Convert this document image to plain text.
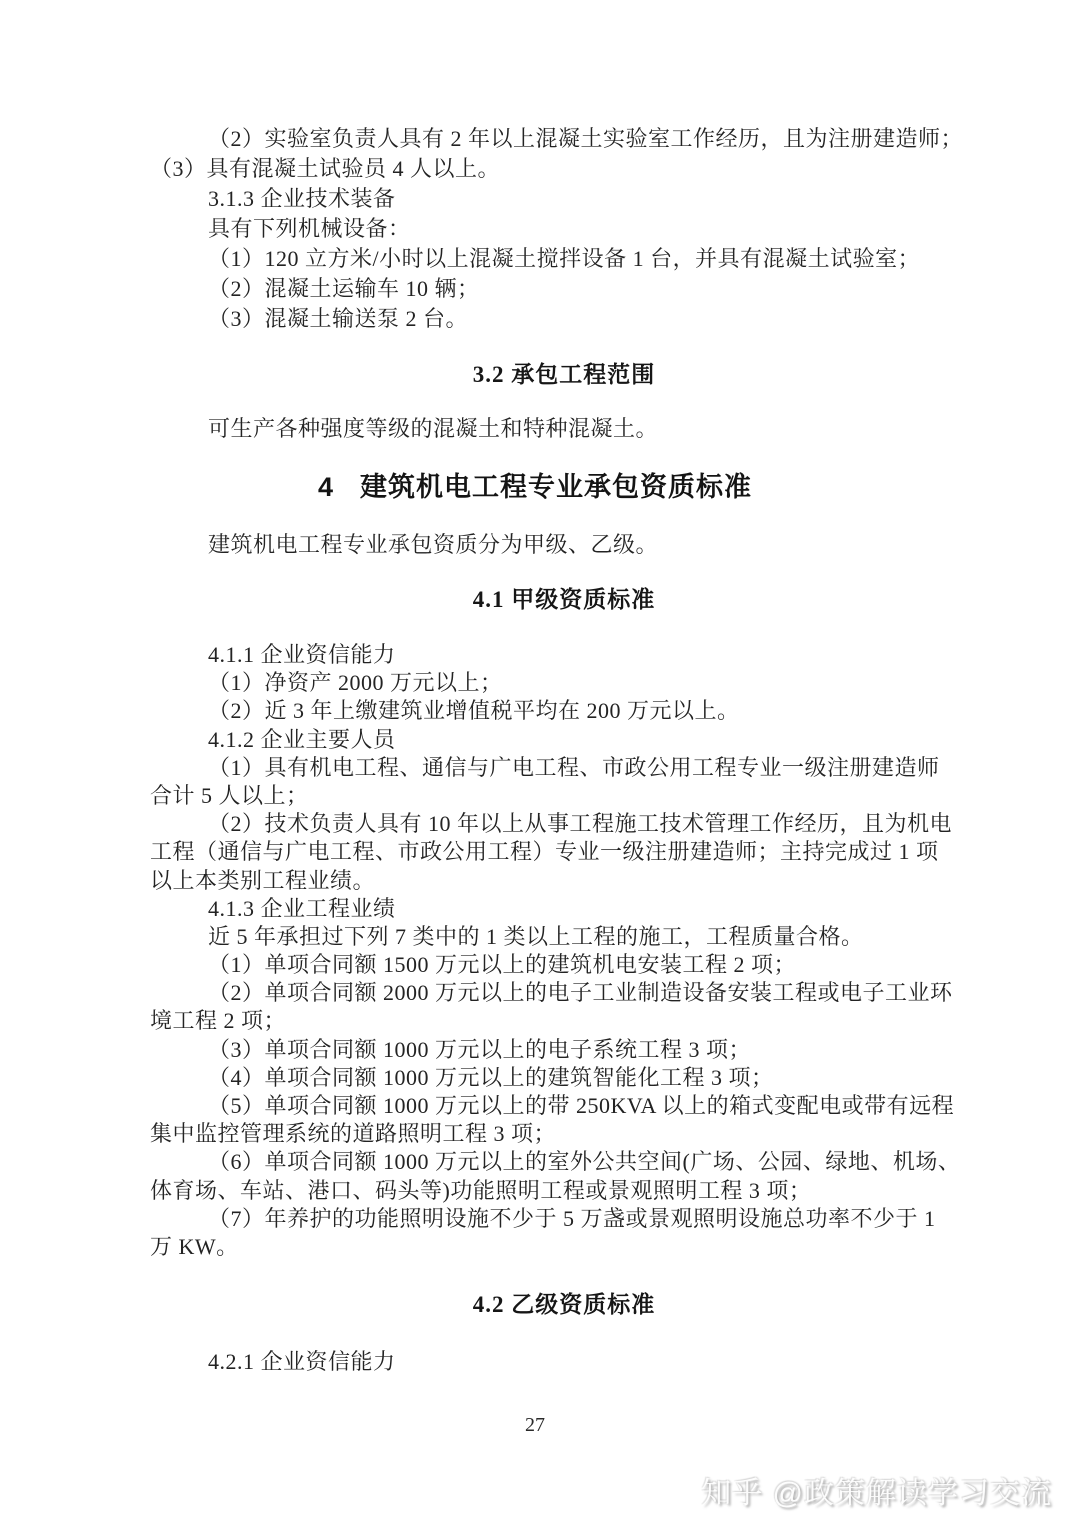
（2）实验室负责人具有 2 年以上混凝土实验室工作经历，且为注册建造师；
（3）具有混凝土试验员 4 人以上。
3.1.3 企业技术装备
具有下列机械设备：
（1）120 立方米/小时以上混凝土搅拌设备 1 台，并具有混凝土试验室；
（2）混凝土运输车 10 辆；
（3）混凝土输送泵 2 台。
3.2 承包工程范围
可生产各种强度等级的混凝土和特种混凝土。
4 建筑机电工程专业承包资质标准
建筑机电工程专业承包资质分为甲级、乙级。
4.1 甲级资质标准
4.1.1 企业资信能力
（1）净资产 2000 万元以上；
（2）近 3 年上缴建筑业增值税平均在 200 万元以上。
4.1.2 企业主要人员
（1）具有机电工程、通信与广电工程、市政公用工程专业一级注册建造师
合计 5 人以上；
（2）技术负责人具有 10 年以上从事工程施工技术管理工作经历，且为机电
工程（通信与广电工程、市政公用工程）专业一级注册建造师；主持完成过 1 项
以上本类别工程业绩。
4.1.3 企业工程业绩
近 5 年承担过下列 7 类中的 1 类以上工程的施工，工程质量合格。
（1）单项合同额 1500 万元以上的建筑机电安装工程 2 项；
（2）单项合同额 2000 万元以上的电子工业制造设备安装工程或电子工业环
境工程 2 项；
（3）单项合同额 1000 万元以上的电子系统工程 3 项；
（4）单项合同额 1000 万元以上的建筑智能化工程 3 项；
（5）单项合同额 1000 万元以上的带 250KVA 以上的箱式变配电或带有远程
集中监控管理系统的道路照明工程 3 项；
（6）单项合同额 1000 万元以上的室外公共空间(广场、公园、绿地、机场、
体育场、车站、港口、码头等)功能照明工程或景观照明工程 3 项；
（7）年养护的功能照明设施不少于 5 万盏或景观照明设施总功率不少于 1
万 KW。
4.2 乙级资质标准
4.2.1 企业资信能力
27
知乎 @政策解读学习交流
